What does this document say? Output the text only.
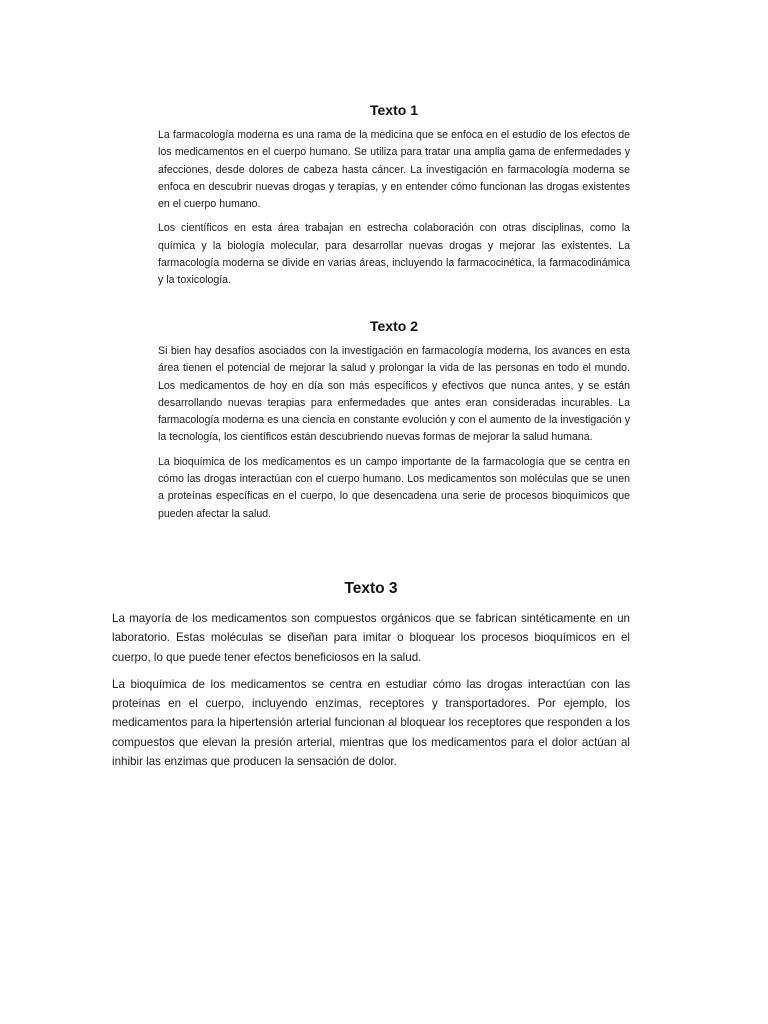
Texto 1

La farmacología moderna es una rama de la medicina que se enfoca en el estudio de los efectos de los medicamentos en el cuerpo humano. Se utiliza para tratar una amplia gama de enfermedades y afecciones, desde dolores de cabeza hasta cáncer. La investigación en farmacología moderna se enfoca en descubrir nuevas drogas y terapias, y en entender cómo funcionan las drogas existentes en el cuerpo humano.

Los científicos en esta área trabajan en estrecha colaboración con otras disciplinas, como la química y la biología molecular, para desarrollar nuevas drogas y mejorar las existentes. La farmacología moderna se divide en varias áreas, incluyendo la farmacocinética, la farmacodinámica y la toxicología.

Texto 2

Si bien hay desafíos asociados con la investigación en farmacología moderna, los avances en esta área tienen el potencial de mejorar la salud y prolongar la vida de las personas en todo el mundo. Los medicamentos de hoy en día son más específicos y efectivos que nunca antes, y se están desarrollando nuevas terapias para enfermedades que antes eran consideradas incurables. La farmacología moderna es una ciencia en constante evolución y con el aumento de la investigación y la tecnología, los científicos están descubriendo nuevas formas de mejorar la salud humana.

La bioquímica de los medicamentos es un campo importante de la farmacología que se centra en cómo las drogas interactúan con el cuerpo humano. Los medicamentos son moléculas que se unen a proteínas específicas en el cuerpo, lo que desencadena una serie de procesos bioquímicos que pueden afectar la salud.

Texto 3

La mayoría de los medicamentos son compuestos orgánicos que se fabrican sintéticamente en un laboratorio. Estas moléculas se diseñan para imitar o bloquear los procesos bioquímicos en el cuerpo, lo que puede tener efectos beneficiosos en la salud.

La bioquímica de los medicamentos se centra en estudiar cómo las drogas interactúan con las proteínas en el cuerpo, incluyendo enzimas, receptores y transportadores. Por ejemplo, los medicamentos para la hipertensión arterial funcionan al bloquear los receptores que responden a los compuestos que elevan la presión arterial, mientras que los medicamentos para el dolor actúan al inhibir las enzimas que producen la sensación de dolor.
